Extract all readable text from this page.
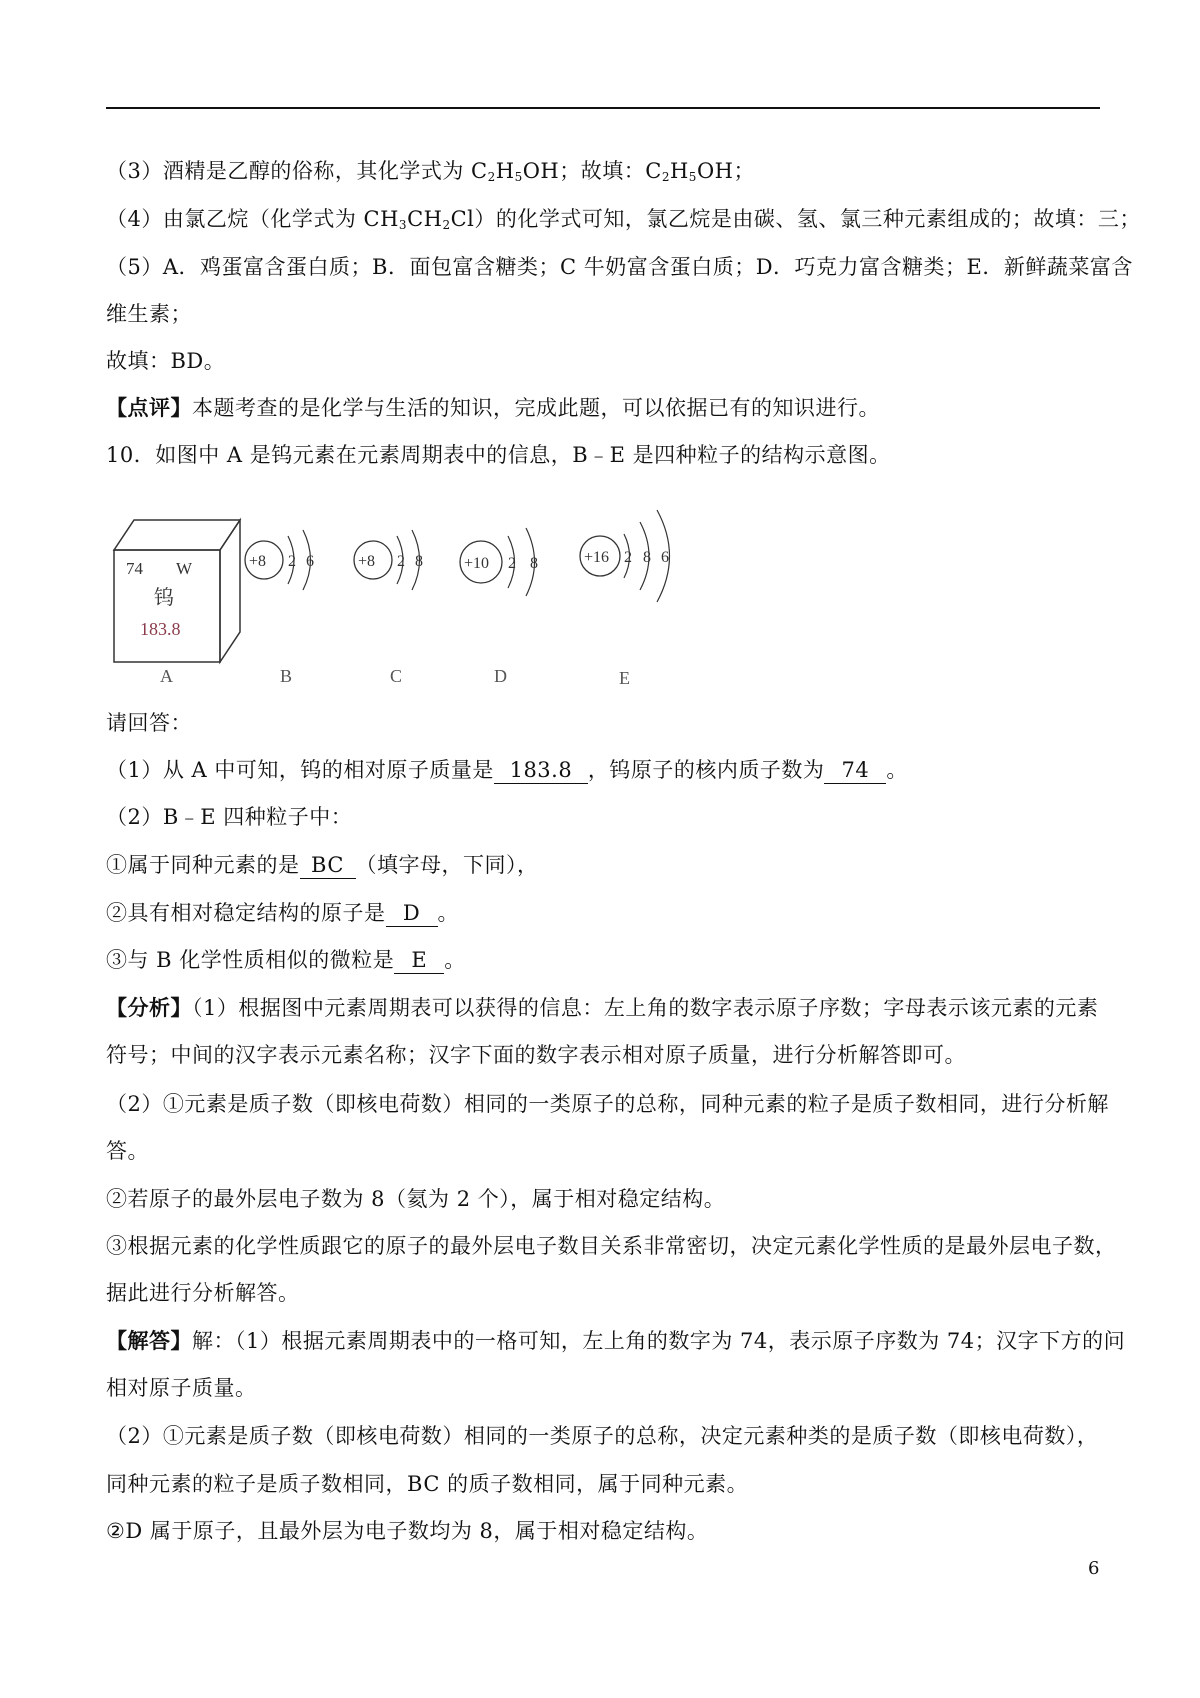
（3）酒精是乙醇的俗称，其化学式为 $C_2H_5OH$；故填：$C_2H_5OH$；
（4）由氯乙烷（化学式为 $CH_3CH_2Cl$）的化学式可知，氯乙烷是由碳、氢、氯三种元素组成的；故填：三；
（5）A．鸡蛋富含蛋白质；B．面包富含糖类；C 牛奶富含蛋白质；D．巧克力富含糖类；E．新鲜蔬菜富含
维生素；
故填：BD。
【点评】本题考查的是化学与生活的知识，完成此题，可以依据已有的知识进行。
10．如图中 A 是钨元素在元素周期表中的信息，B﹣E 是四种粒子的结构示意图。
74 W
钨
183.8
A
+8 2 6
B
+8 2 8
C
+10 2 8
D
+16 2 8 6
E
请回答：
（1）从 A 中可知，钨的相对原子质量是 183.8 ，钨原子的核内质子数为 74 。
（2）B﹣E 四种粒子中：
①属于同种元素的是 BC （填字母，下同），
②具有相对稳定结构的原子是 D 。
③与 B 化学性质相似的微粒是 E 。
【分析】（1）根据图中元素周期表可以获得的信息：左上角的数字表示原子序数；字母表示该元素的元素
符号；中间的汉字表示元素名称；汉字下面的数字表示相对原子质量，进行分析解答即可。
（2）①元素是质子数（即核电荷数）相同的一类原子的总称，同种元素的粒子是质子数相同，进行分析解
答。
②若原子的最外层电子数为 8（氦为 2 个），属于相对稳定结构。
③根据元素的化学性质跟它的原子的最外层电子数目关系非常密切，决定元素化学性质的是最外层电子数，
据此进行分析解答。
【解答】解：（1）根据元素周期表中的一格可知，左上角的数字为 74，表示原子序数为 74；汉字下方的问
相对原子质量。
（2）①元素是质子数（即核电荷数）相同的一类原子的总称，决定元素种类的是质子数（即核电荷数），
同种元素的粒子是质子数相同，BC 的质子数相同，属于同种元素。
②D 属于原子，且最外层为电子数均为 8，属于相对稳定结构。
6
